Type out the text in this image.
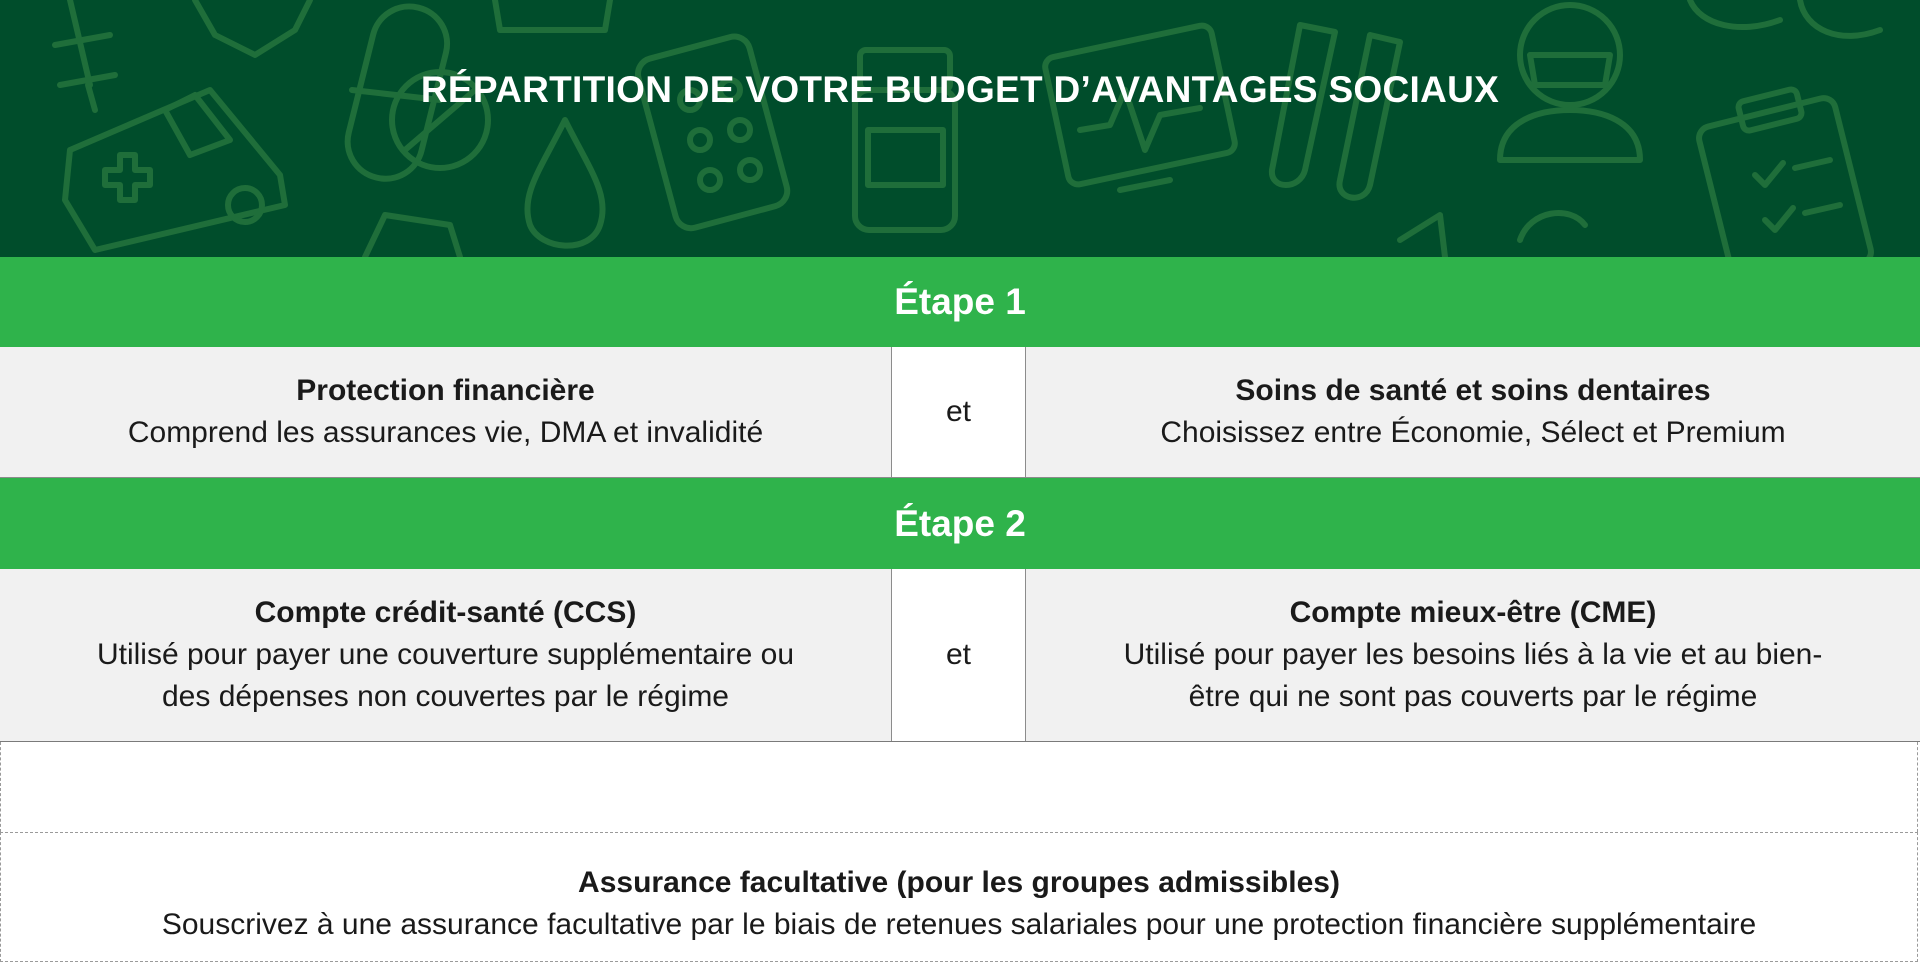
RÉPARTITION DE VOTRE BUDGET D’AVANTAGES SOCIAUX
Étape 1
Protection financière
Comprend les assurances vie, DMA et invalidité
et
Soins de santé et soins dentaires
Choisissez entre Économie, Sélect et Premium
Étape 2
Compte crédit-santé (CCS)
Utilisé pour payer une couverture supplémentaire ou
des dépenses non couvertes par le régime
et
Compte mieux-être (CME)
Utilisé pour payer les besoins liés à la vie et au bien-
être qui ne sont pas couverts par le régime
Assurance facultative (pour les groupes admissibles)
Souscrivez à une assurance facultative par le biais de retenues salariales pour une protection financière supplémentaire
